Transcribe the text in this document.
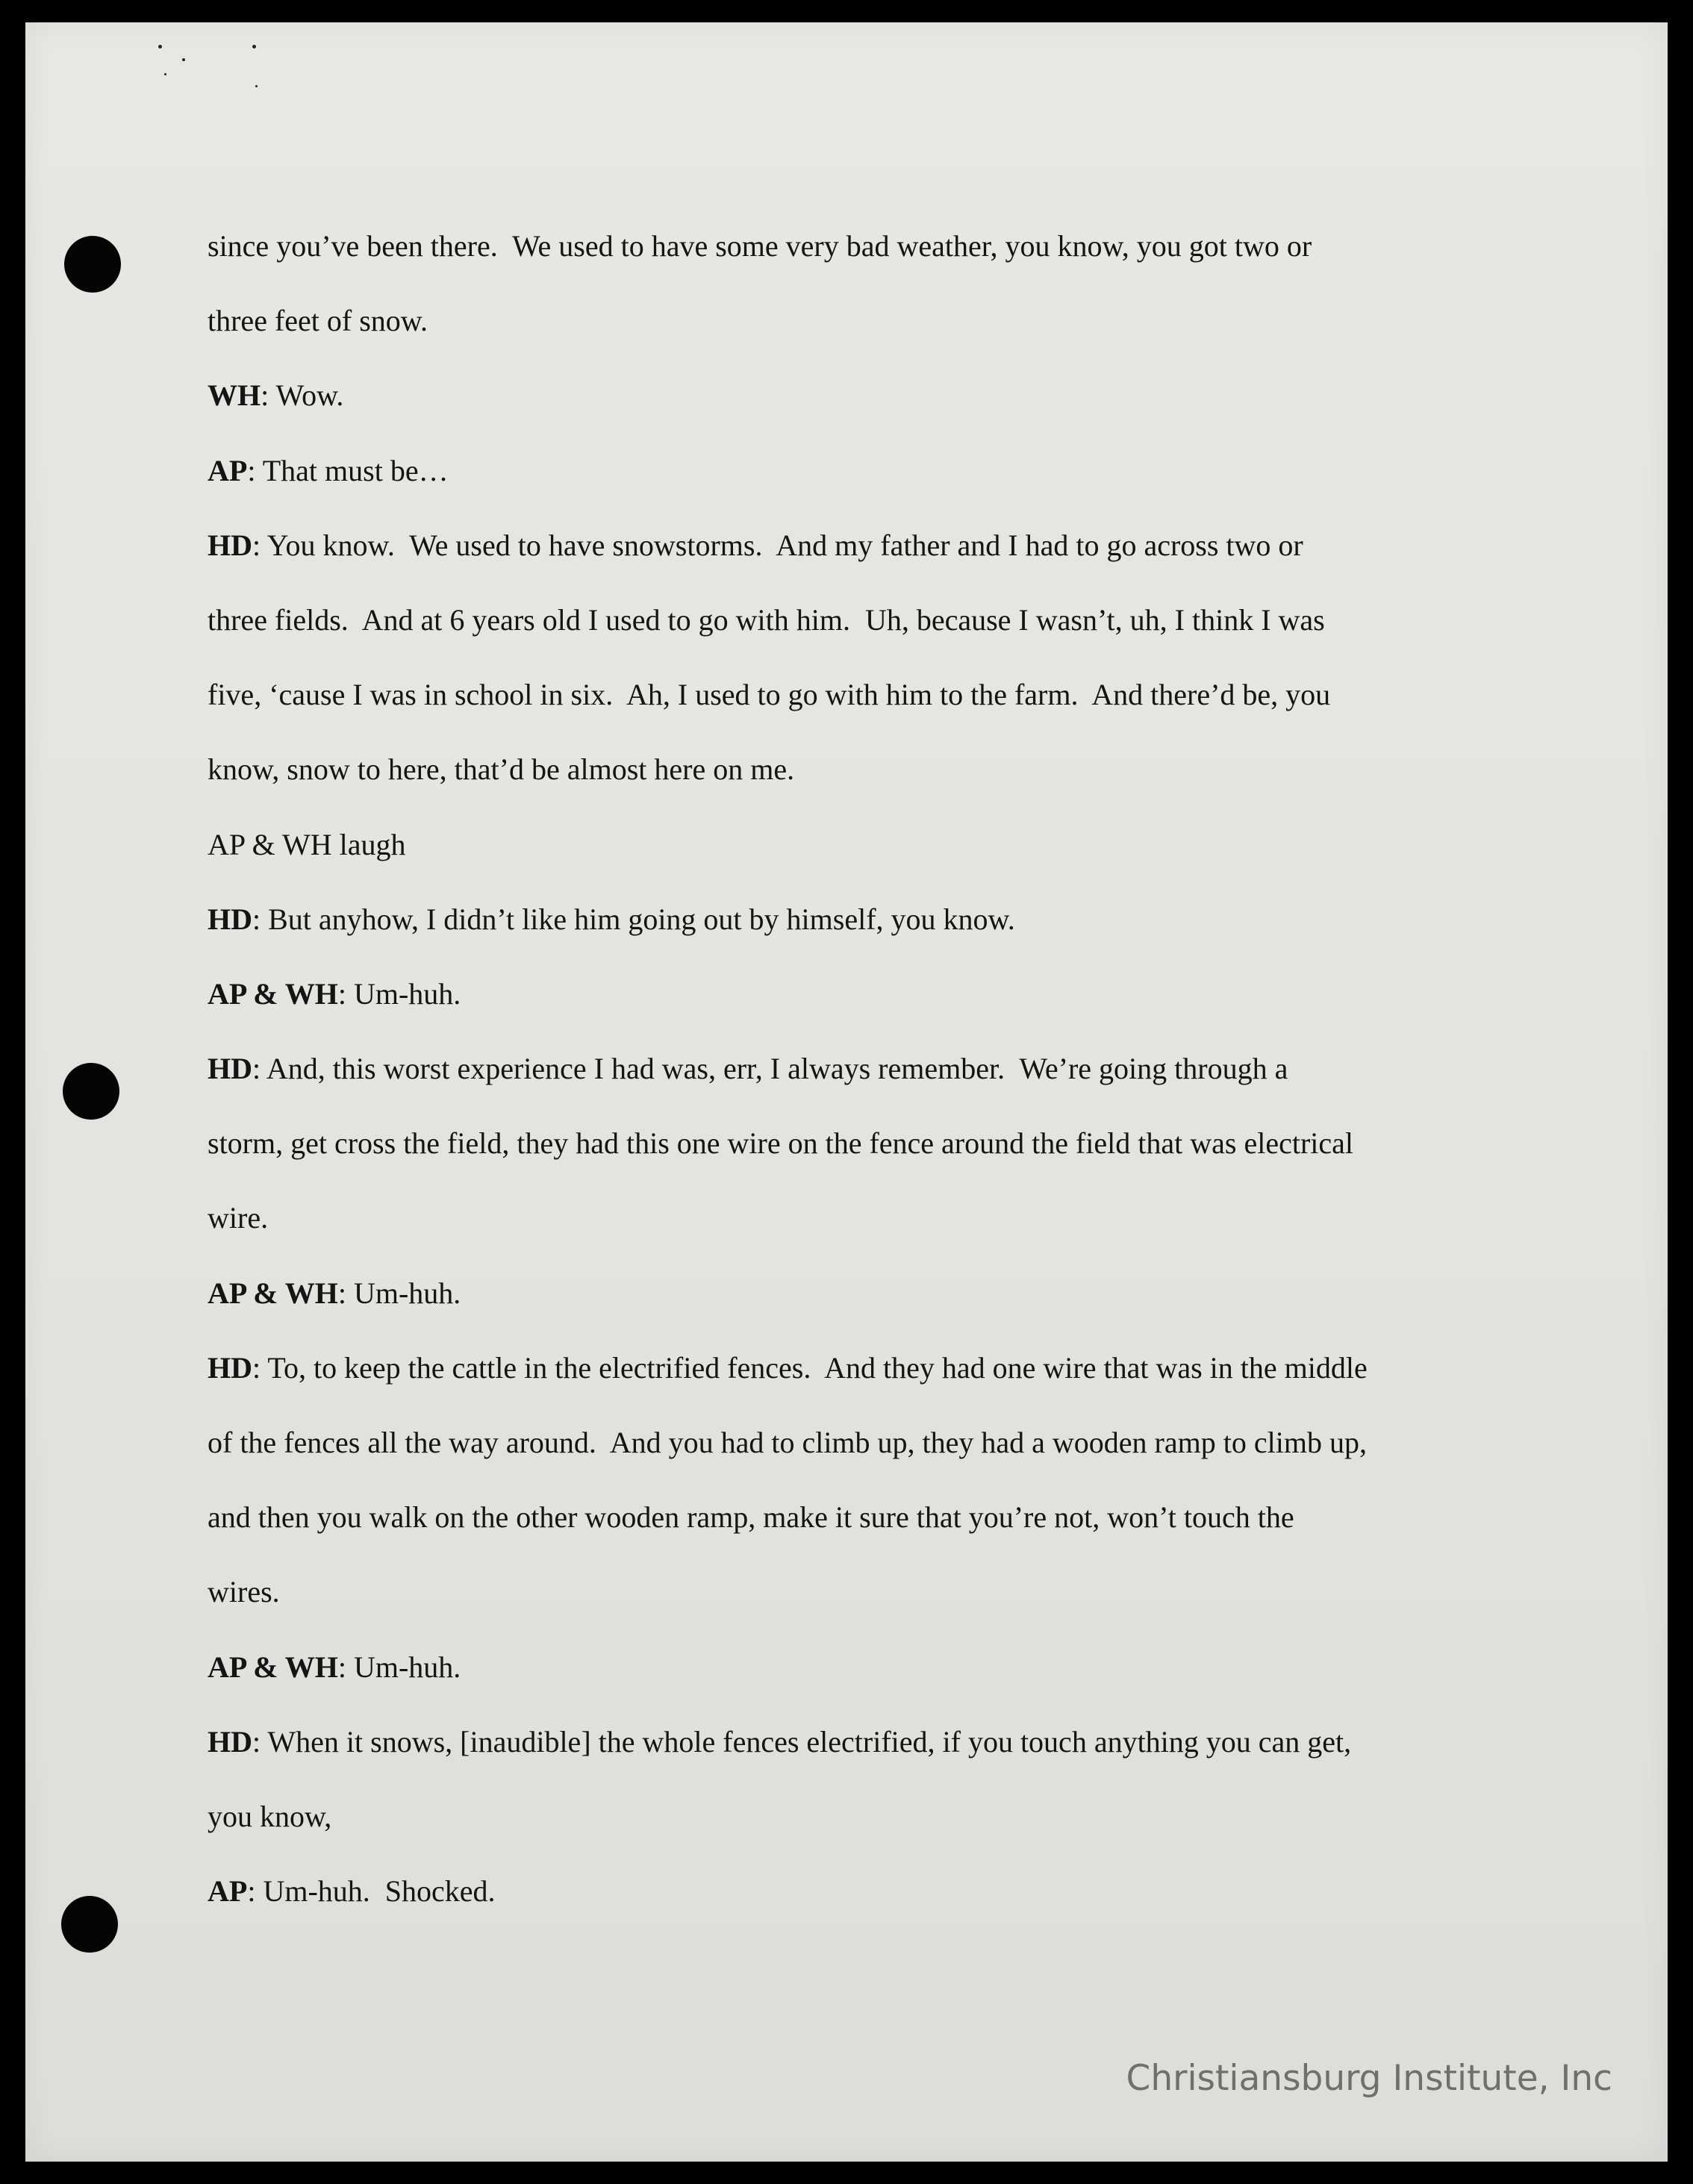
since you’ve been there.  We used to have some very bad weather, you know, you got two or
three feet of snow.
WH: Wow.
AP: That must be…
HD: You know.  We used to have snowstorms.  And my father and I had to go across two or
three fields.  And at 6 years old I used to go with him.  Uh, because I wasn’t, uh, I think I was
five, ‘cause I was in school in six.  Ah, I used to go with him to the farm.  And there’d be, you
know, snow to here, that’d be almost here on me.
AP & WH laugh
HD: But anyhow, I didn’t like him going out by himself, you know.
AP & WH: Um-huh.
HD: And, this worst experience I had was, err, I always remember.  We’re going through a
storm, get cross the field, they had this one wire on the fence around the field that was electrical
wire.
AP & WH: Um-huh.
HD: To, to keep the cattle in the electrified fences.  And they had one wire that was in the middle
of the fences all the way around.  And you had to climb up, they had a wooden ramp to climb up,
and then you walk on the other wooden ramp, make it sure that you’re not, won’t touch the
wires.
AP & WH: Um-huh.
HD: When it snows, [inaudible] the whole fences electrified, if you touch anything you can get,
you know,
AP: Um-huh.  Shocked.
Christiansburg Institute, Inc
